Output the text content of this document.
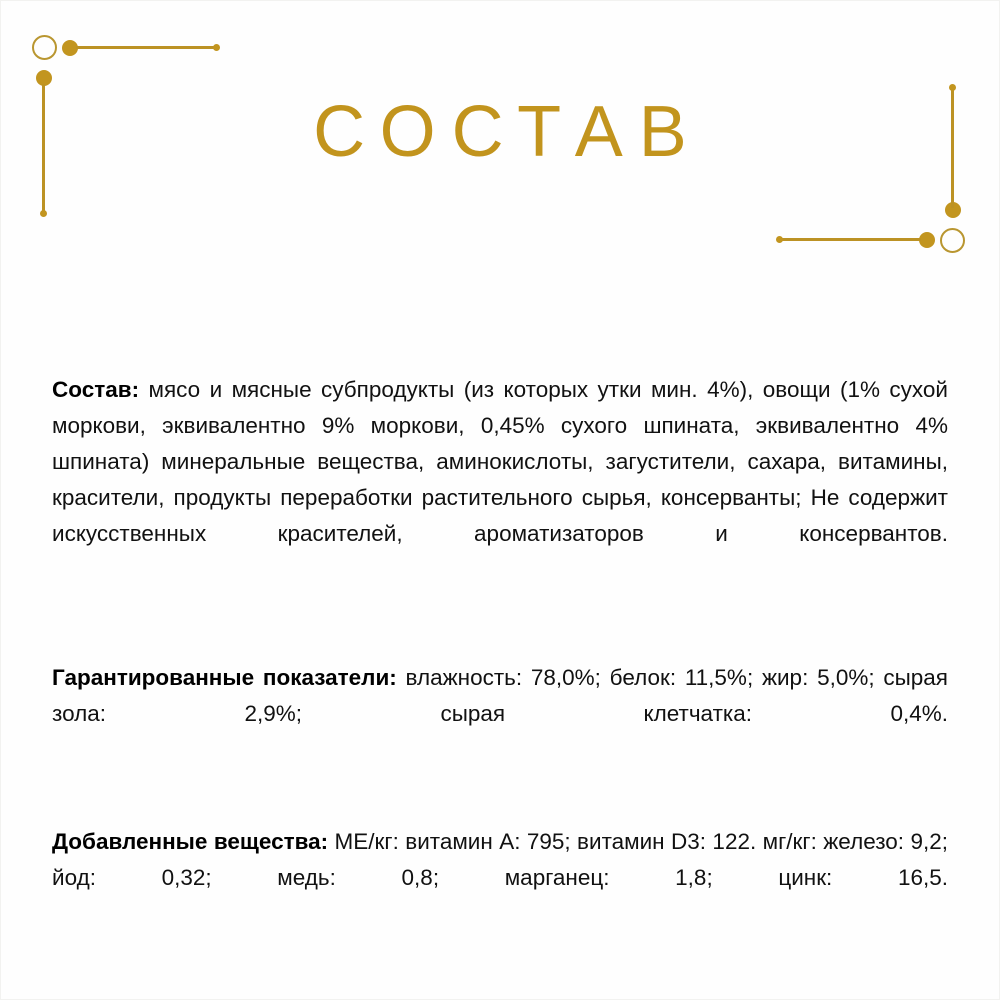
СОСТАВ

Состав: мясо и мясные субпродукты (из которых утки мин. 4%), овощи (1% сухой моркови, эквивалентно 9% моркови, 0,45% сухого шпината, эквивалентно 4% шпината) минеральные вещества, аминокислоты, загустители, сахара, витамины, красители, продукты переработки растительного сырья, консерванты; Не содержит искусственных красителей, ароматизаторов и консервантов.

Гарантированные показатели: влажность: 78,0%; белок: 11,5%; жир: 5,0%; сырая зола: 2,9%; сырая клетчатка: 0,4%.

Добавленные вещества: МЕ/кг: витамин А: 795; витамин D3: 122. мг/кг: железо: 9,2; йод: 0,32; медь: 0,8; марганец: 1,8; цинк: 16,5.
